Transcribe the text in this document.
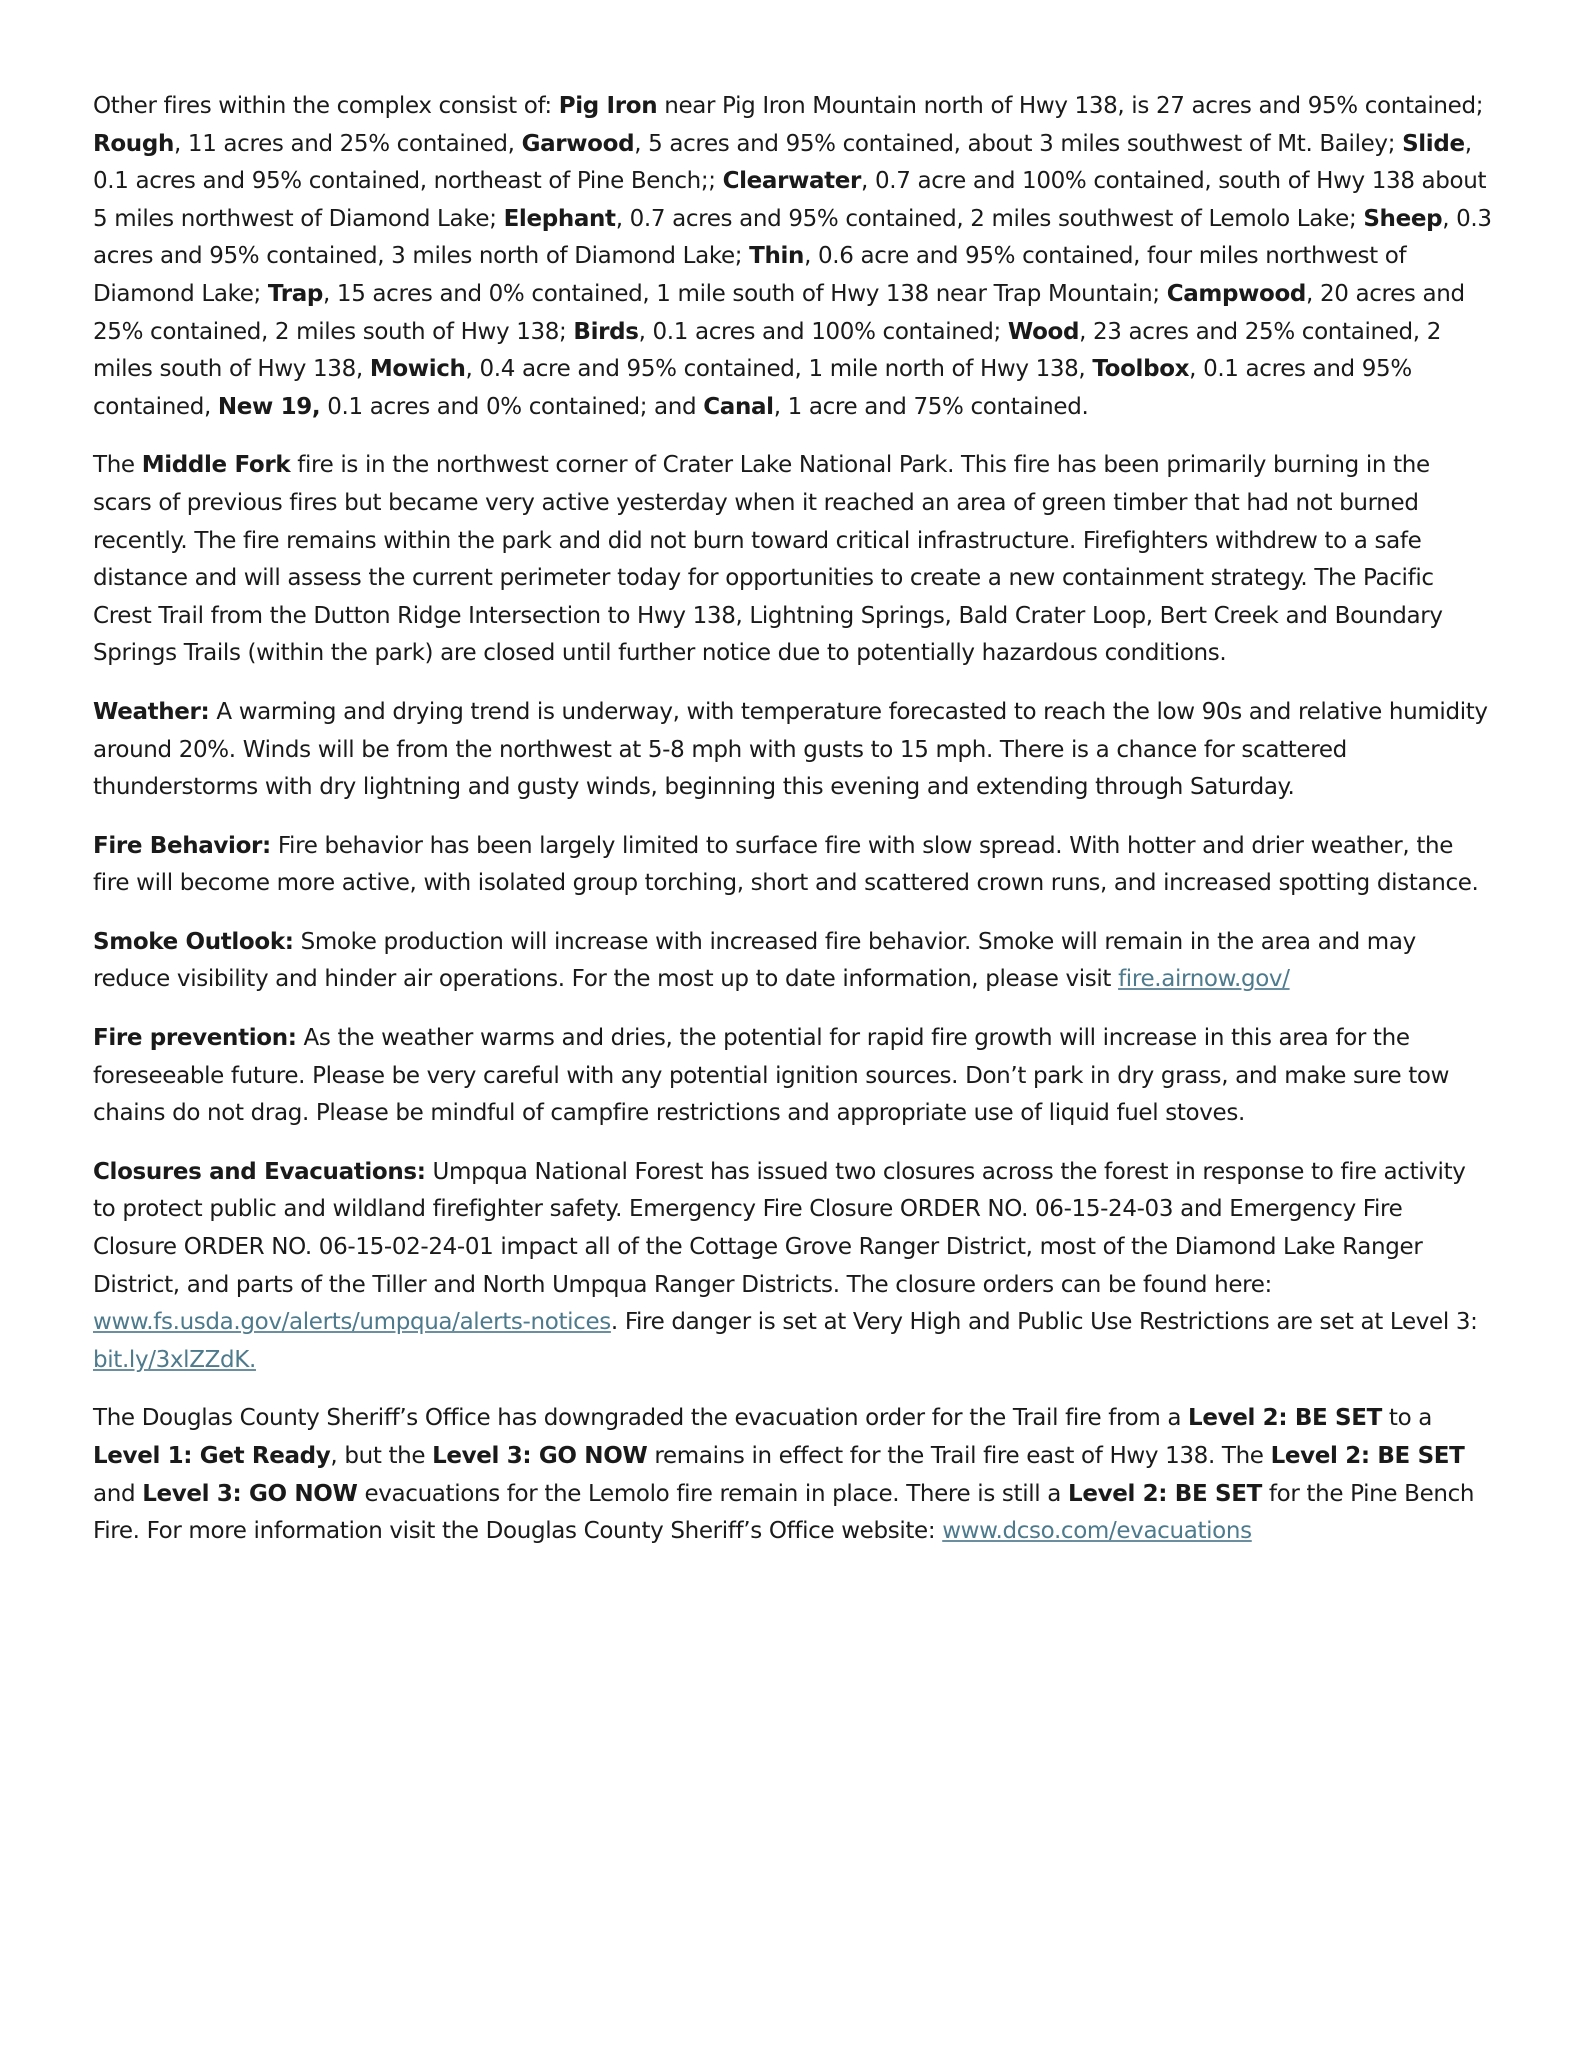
Other fires within the complex consist of: Pig Iron near Pig Iron Mountain north of Hwy 138, is 27 acres and 95% contained; Rough, 11 acres and 25% contained, Garwood, 5 acres and 95% contained, about 3 miles southwest of Mt. Bailey; Slide, 0.1 acres and 95% contained, northeast of Pine Bench;; Clearwater, 0.7 acre and 100% contained, south of Hwy 138 about 5 miles northwest of Diamond Lake; Elephant, 0.7 acres and 95% contained, 2 miles southwest of Lemolo Lake; Sheep, 0.3 acres and 95% contained, 3 miles north of Diamond Lake; Thin, 0.6 acre and 95% contained, four miles northwest of Diamond Lake; Trap, 15 acres and 0% contained, 1 mile south of Hwy 138 near Trap Mountain; Campwood, 20 acres and 25% contained, 2 miles south of Hwy 138; Birds, 0.1 acres and 100% contained; Wood, 23 acres and 25% contained, 2 miles south of Hwy 138, Mowich, 0.4 acre and 95% contained, 1 mile north of Hwy 138, Toolbox, 0.1 acres and 95% contained, New 19, 0.1 acres and 0% contained; and Canal, 1 acre and 75% contained.

The Middle Fork fire is in the northwest corner of Crater Lake National Park. This fire has been primarily burning in the scars of previous fires but became very active yesterday when it reached an area of green timber that had not burned recently. The fire remains within the park and did not burn toward critical infrastructure. Firefighters withdrew to a safe distance and will assess the current perimeter today for opportunities to create a new containment strategy. The Pacific Crest Trail from the Dutton Ridge Intersection to Hwy 138, Lightning Springs, Bald Crater Loop, Bert Creek and Boundary Springs Trails (within the park) are closed until further notice due to potentially hazardous conditions.

Weather: A warming and drying trend is underway, with temperature forecasted to reach the low 90s and relative humidity around 20%. Winds will be from the northwest at 5-8 mph with gusts to 15 mph. There is a chance for scattered thunderstorms with dry lightning and gusty winds, beginning this evening and extending through Saturday.

Fire Behavior: Fire behavior has been largely limited to surface fire with slow spread. With hotter and drier weather, the fire will become more active, with isolated group torching, short and scattered crown runs, and increased spotting distance.

Smoke Outlook: Smoke production will increase with increased fire behavior. Smoke will remain in the area and may reduce visibility and hinder air operations. For the most up to date information, please visit fire.airnow.gov/

Fire prevention: As the weather warms and dries, the potential for rapid fire growth will increase in this area for the foreseeable future. Please be very careful with any potential ignition sources. Don’t park in dry grass, and make sure tow chains do not drag. Please be mindful of campfire restrictions and appropriate use of liquid fuel stoves.

Closures and Evacuations: Umpqua National Forest has issued two closures across the forest in response to fire activity to protect public and wildland firefighter safety. Emergency Fire Closure ORDER NO. 06-15-24-03 and Emergency Fire Closure ORDER NO. 06-15-02-24-01 impact all of the Cottage Grove Ranger District, most of the Diamond Lake Ranger District, and parts of the Tiller and North Umpqua Ranger Districts. The closure orders can be found here: www.fs.usda.gov/alerts/umpqua/alerts-notices. Fire danger is set at Very High and Public Use Restrictions are set at Level 3: bit.ly/3xlZZdK.

The Douglas County Sheriff’s Office has downgraded the evacuation order for the Trail fire from a Level 2: BE SET to a Level 1: Get Ready, but the Level 3: GO NOW remains in effect for the Trail fire east of Hwy 138. The Level 2: BE SET and Level 3: GO NOW evacuations for the Lemolo fire remain in place. There is still a Level 2: BE SET for the Pine Bench Fire. For more information visit the Douglas County Sheriff’s Office website: www.dcso.com/evacuations
